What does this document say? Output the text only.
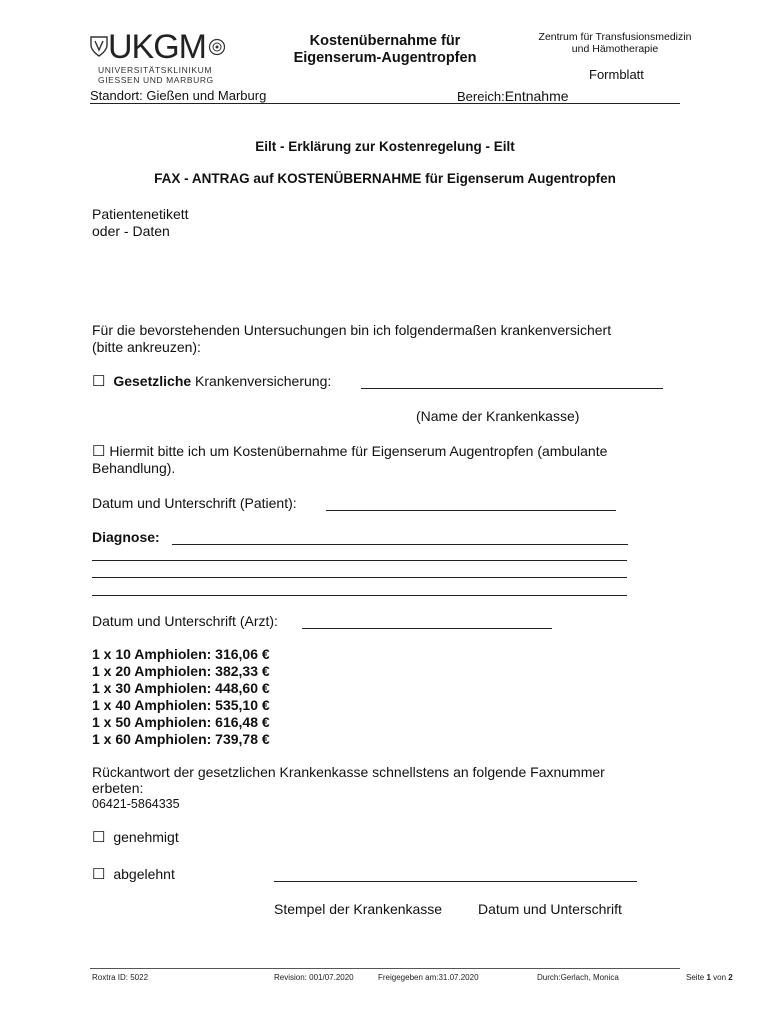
UKGM
UNIVERSITÄTSKLINIKUM
GIESSEN UND MARBURG
Kostenübernahme für
Eigenserum-Augentropfen
Zentrum für Transfusionsmedizin
und Hämotherapie
Formblatt
Standort: Gießen und Marburg	Bereich:Entnahme
Eilt - Erklärung zur Kostenregelung - Eilt
FAX - ANTRAG auf KOSTENÜBERNAHME für Eigenserum Augentropfen
Patientenetikett
oder - Daten
Für die bevorstehenden Untersuchungen bin ich folgendermaßen krankenversichert
(bitte ankreuzen):
☐ Gesetzliche Krankenversicherung:
(Name der Krankenkasse)
☐ Hiermit bitte ich um Kostenübernahme für Eigenserum Augentropfen (ambulante
Behandlung).
Datum und Unterschrift (Patient):
Diagnose:
Datum und Unterschrift (Arzt):
1 x 10 Amphiolen: 316,06 €
1 x 20 Amphiolen: 382,33 €
1 x 30 Amphiolen: 448,60 €
1 x 40 Amphiolen: 535,10 €
1 x 50 Amphiolen: 616,48 €
1 x 60 Amphiolen: 739,78 €
Rückantwort der gesetzlichen Krankenkasse schnellstens an folgende Faxnummer
erbeten:
06421-5864335
☐ genehmigt
☐ abgelehnt
Stempel der Krankenkasse	Datum und Unterschrift
Roxtra ID: 5022	Revision: 001/07.2020	Freigegeben am:31.07.2020	Durch:Gerlach, Monica	Seite 1 von 2
